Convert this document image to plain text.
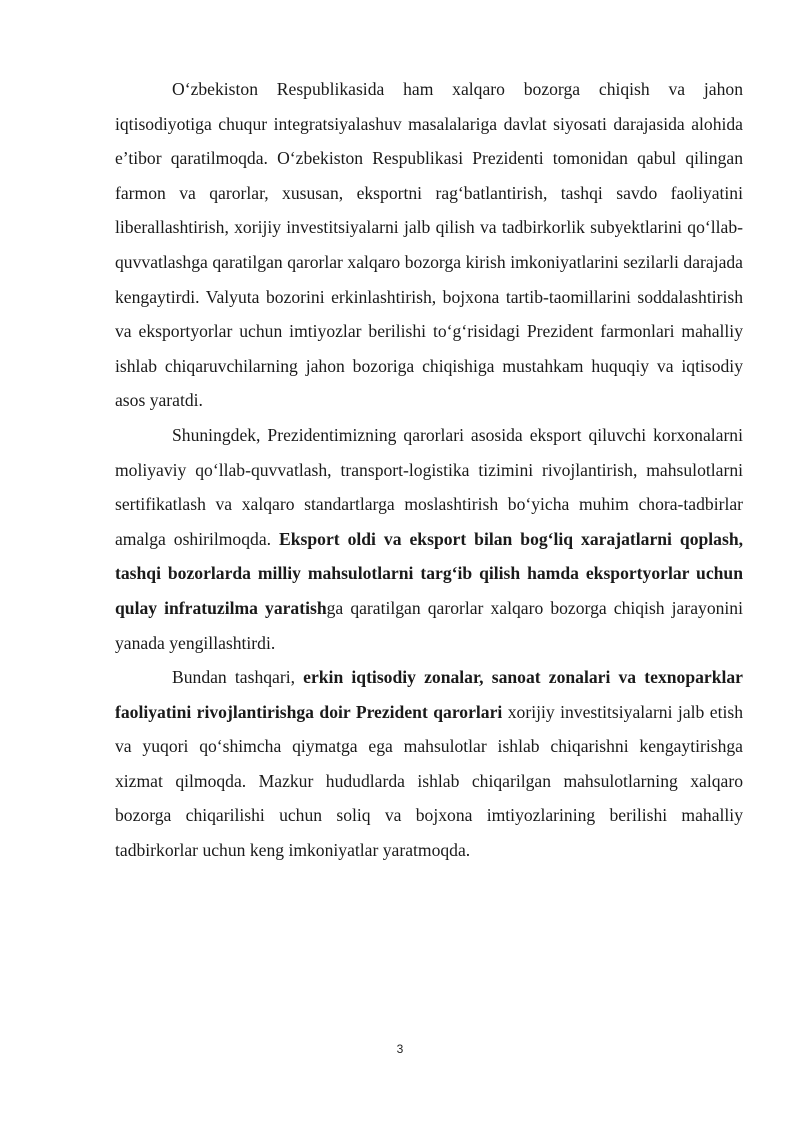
O‘zbekiston Respublikasida ham xalqaro bozorga chiqish va jahon iqtisodiyotiga chuqur integratsiyalashuv masalalariga davlat siyosati darajasida alohida e’tibor qaratilmoqda. O‘zbekiston Respublikasi Prezidenti tomonidan qabul qilingan farmon va qarorlar, xususan, eksportni rag‘batlantirish, tashqi savdo faoliyatini liberallashtirish, xorijiy investitsiyalarni jalb qilish va tadbirkorlik subyektlarini qo‘llab-quvvatlashga qaratilgan qarorlar xalqaro bozorga kirish imkoniyatlarini sezilarli darajada kengaytirdi. Valyuta bozorini erkinlashtirish, bojxona tartib-taomillarini soddalashtirish va eksportyorlar uchun imtiyozlar berilishi to‘g‘risidagi Prezident farmonlari mahalliy ishlab chiqaruvchilarning jahon bozoriga chiqishiga mustahkam huquqiy va iqtisodiy asos yaratdi.

Shuningdek, Prezidentimizning qarorlari asosida eksport qiluvchi korxonalarni moliyaviy qo‘llab-quvvatlash, transport-logistika tizimini rivojlantirish, mahsulotlarni sertifikatlash va xalqaro standartlarga moslashtirish bo‘yicha muhim chora-tadbirlar amalga oshirilmoqda. Eksport oldi va eksport bilan bog‘liq xarajatlarni qoplash, tashqi bozorlarda milliy mahsulotlarni targ‘ib qilish hamda eksportyorlar uchun qulay infratuzilma yaratishga qaratilgan qarorlar xalqaro bozorga chiqish jarayonini yanada yengillashtirdi.

Bundan tashqari, erkin iqtisodiy zonalar, sanoat zonalari va texnoparklar faoliyatini rivojlantirishga doir Prezident qarorlari xorijiy investitsiyalarni jalb etish va yuqori qo‘shimcha qiymatga ega mahsulotlar ishlab chiqarishni kengaytirishga xizmat qilmoqda. Mazkur hududlarda ishlab chiqarilgan mahsulotlarning xalqaro bozorga chiqarilishi uchun soliq va bojxona imtiyozlarining berilishi mahalliy tadbirkorlar uchun keng imkoniyatlar yaratmoqda.

3
